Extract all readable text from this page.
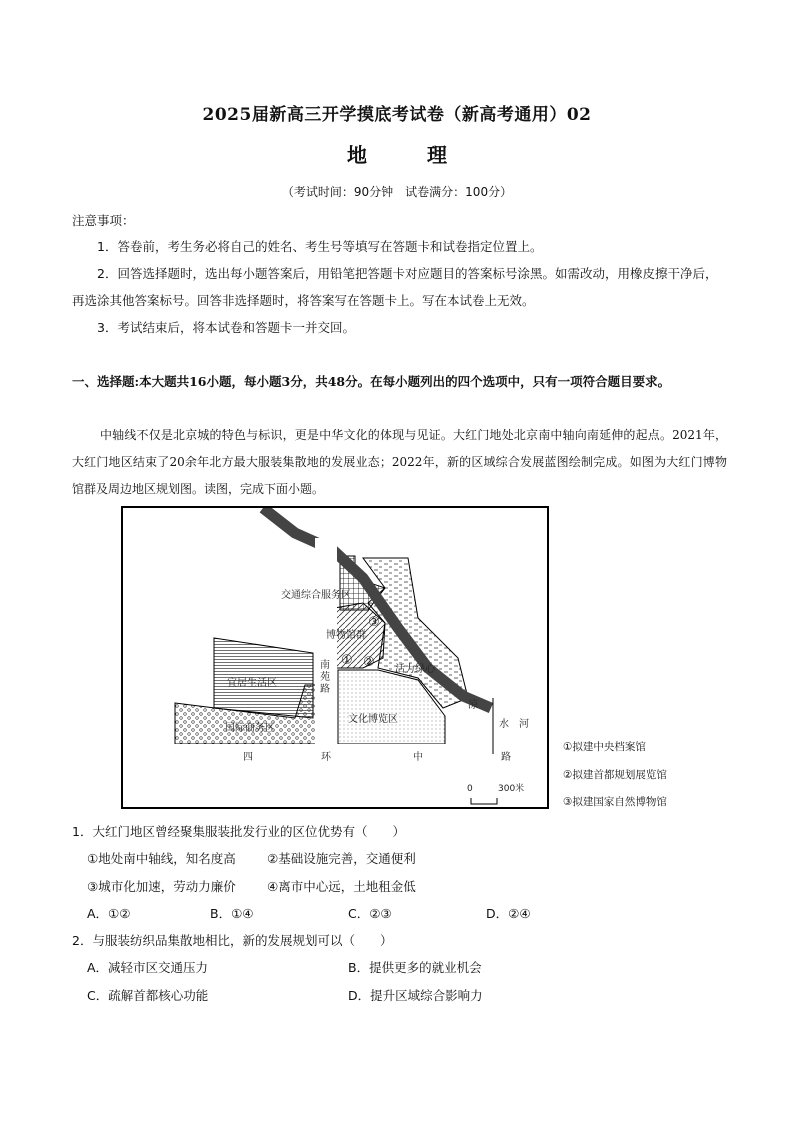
2025届新高三开学摸底考试卷（新高考通用）02
地	理
（考试时间：90分钟　试卷满分：100分）
注意事项：

1．答卷前，考生务必将自己的姓名、考生号等填写在答题卡和试卷指定位置上。

2．回答选择题时，选出每小题答案后，用铅笔把答题卡对应题目的答案标号涂黑。如需改动，用橡皮擦干净后，再选涂其他答案标号。回答非选择题时，将答案写在答题卡上。写在本试卷上无效。

3．考试结束后，将本试卷和答题卡一并交回。

一、选择题:本大题共16小题，每小题3分，共48分。在每小题列出的四个选项中，只有一项符合题目要求。

中轴线不仅是北京城的特色与标识，更是中华文化的体现与见证。大红门地处北京南中轴向南延伸的起点。2021年，大红门地区结束了20余年北方最大服装集散地的发展业态；2022年，新的区域综合发展蓝图绘制完成。如图为大红门博物馆群及周边地区规划图。读图，完成下面小题。

交通综合服务区
博物馆群
活力绿心
宜居生活区
文化博览区
国际商务区
南
苑
路
凉
水 河
四	环	中	路
① ②
③
0	300米
①拟建中央档案馆
②拟建首都规划展览馆
③拟建国家自然博物馆
1．大红门地区曾经聚集服装批发行业的区位优势有（　　）
①地处南中轴线，知名度高	②基础设施完善，交通便利
③城市化加速，劳动力廉价	④离市中心远，土地租金低
A．①②	B．①④	C．②③	D．②④
2．与服装纺织品集散地相比，新的发展规划可以（　　）
A．减轻市区交通压力	B．提供更多的就业机会
C．疏解首都核心功能	D．提升区域综合影响力
